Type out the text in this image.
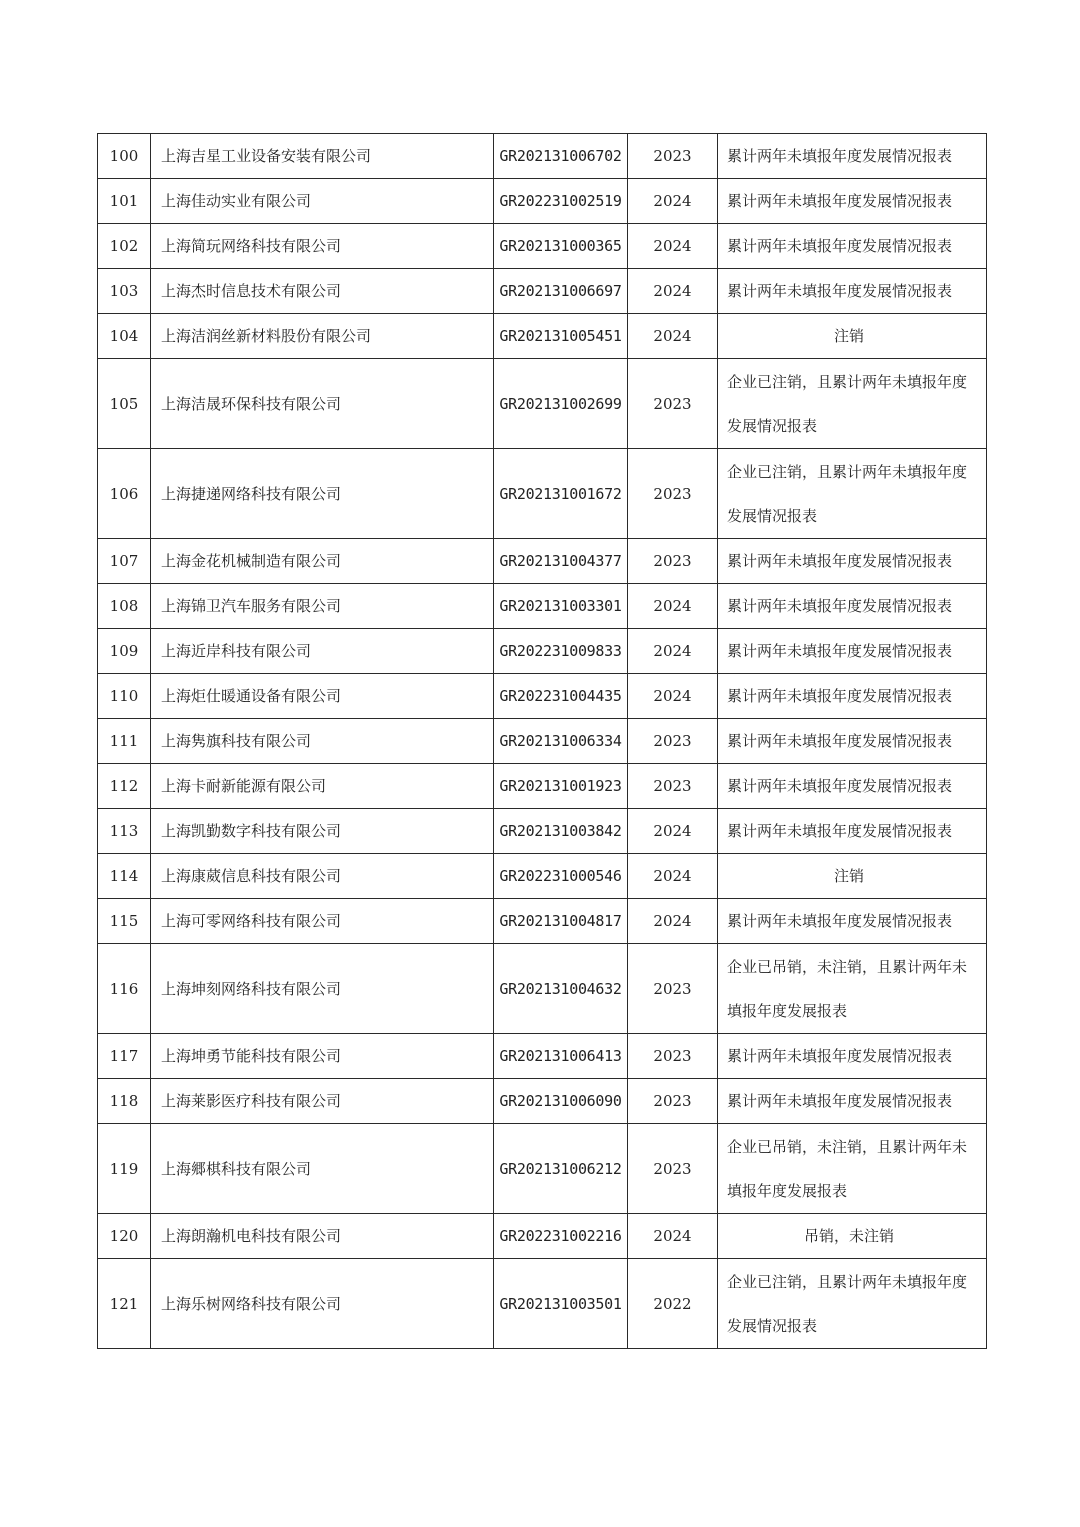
100	上海吉星工业设备安装有限公司	GR202131006702	2023	累计两年未填报年度发展情况报表
101	上海佳动实业有限公司	GR202231002519	2024	累计两年未填报年度发展情况报表
102	上海简玩网络科技有限公司	GR202131000365	2024	累计两年未填报年度发展情况报表
103	上海杰时信息技术有限公司	GR202131006697	2024	累计两年未填报年度发展情况报表
104	上海洁润丝新材料股份有限公司	GR202131005451	2024	注销
105	上海洁晟环保科技有限公司	GR202131002699	2023	企业已注销，且累计两年未填报年度发展情况报表
106	上海捷递网络科技有限公司	GR202131001672	2023	企业已注销，且累计两年未填报年度发展情况报表
107	上海金花机械制造有限公司	GR202131004377	2023	累计两年未填报年度发展情况报表
108	上海锦卫汽车服务有限公司	GR202131003301	2024	累计两年未填报年度发展情况报表
109	上海近岸科技有限公司	GR202231009833	2024	累计两年未填报年度发展情况报表
110	上海炬仕暖通设备有限公司	GR202231004435	2024	累计两年未填报年度发展情况报表
111	上海隽旗科技有限公司	GR202131006334	2023	累计两年未填报年度发展情况报表
112	上海卡耐新能源有限公司	GR202131001923	2023	累计两年未填报年度发展情况报表
113	上海凯勤数字科技有限公司	GR202131003842	2024	累计两年未填报年度发展情况报表
114	上海康葳信息科技有限公司	GR202231000546	2024	注销
115	上海可零网络科技有限公司	GR202131004817	2024	累计两年未填报年度发展情况报表
116	上海坤刻网络科技有限公司	GR202131004632	2023	企业已吊销，未注销，且累计两年未填报年度发展报表
117	上海坤勇节能科技有限公司	GR202131006413	2023	累计两年未填报年度发展情况报表
118	上海莱影医疗科技有限公司	GR202131006090	2023	累计两年未填报年度发展情况报表
119	上海郷棋科技有限公司	GR202131006212	2023	企业已吊销，未注销，且累计两年未填报年度发展报表
120	上海朗瀚机电科技有限公司	GR202231002216	2024	吊销，未注销
121	上海乐树网络科技有限公司	GR202131003501	2022	企业已注销，且累计两年未填报年度发展情况报表
